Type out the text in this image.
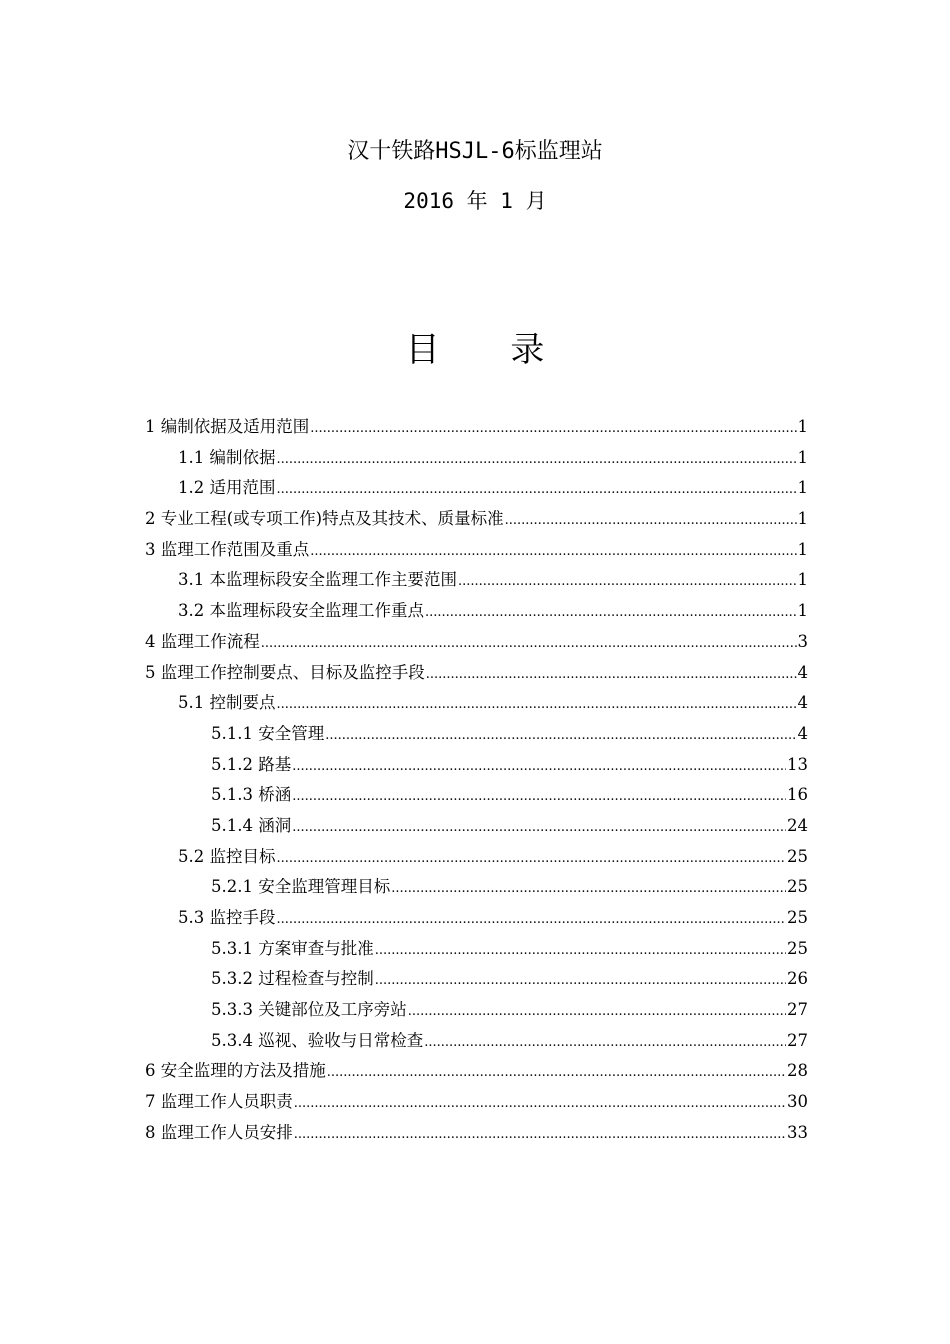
汉十铁路HSJL-6标监理站
2016 年 1 月
目 录
1 编制依据及适用范围 .....	1
1.1 编制依据 .....	1
1.2 适用范围 .....	1
2 专业工程(或专项工作)特点及其技术、质量标准 .....	1
3 监理工作范围及重点 .....	1
3.1 本监理标段安全监理工作主要范围 .....	1
3.2 本监理标段安全监理工作重点 .....	1
4 监理工作流程 .....	3
5 监理工作控制要点、目标及监控手段 .....	4
5.1 控制要点 .....	4
5.1.1 安全管理 .....	4
5.1.2 路基 .....	13
5.1.3 桥涵 .....	16
5.1.4 涵洞 .....	24
5.2 监控目标 .....	25
5.2.1 安全监理管理目标 .....	25
5.3 监控手段 .....	25
5.3.1 方案审查与批准 .....	25
5.3.2 过程检查与控制 .....	26
5.3.3 关键部位及工序旁站 .....	27
5.3.4 巡视、验收与日常检查 .....	27
6 安全监理的方法及措施 .....	28
7 监理工作人员职责 .....	30
8 监理工作人员安排 .....	33
